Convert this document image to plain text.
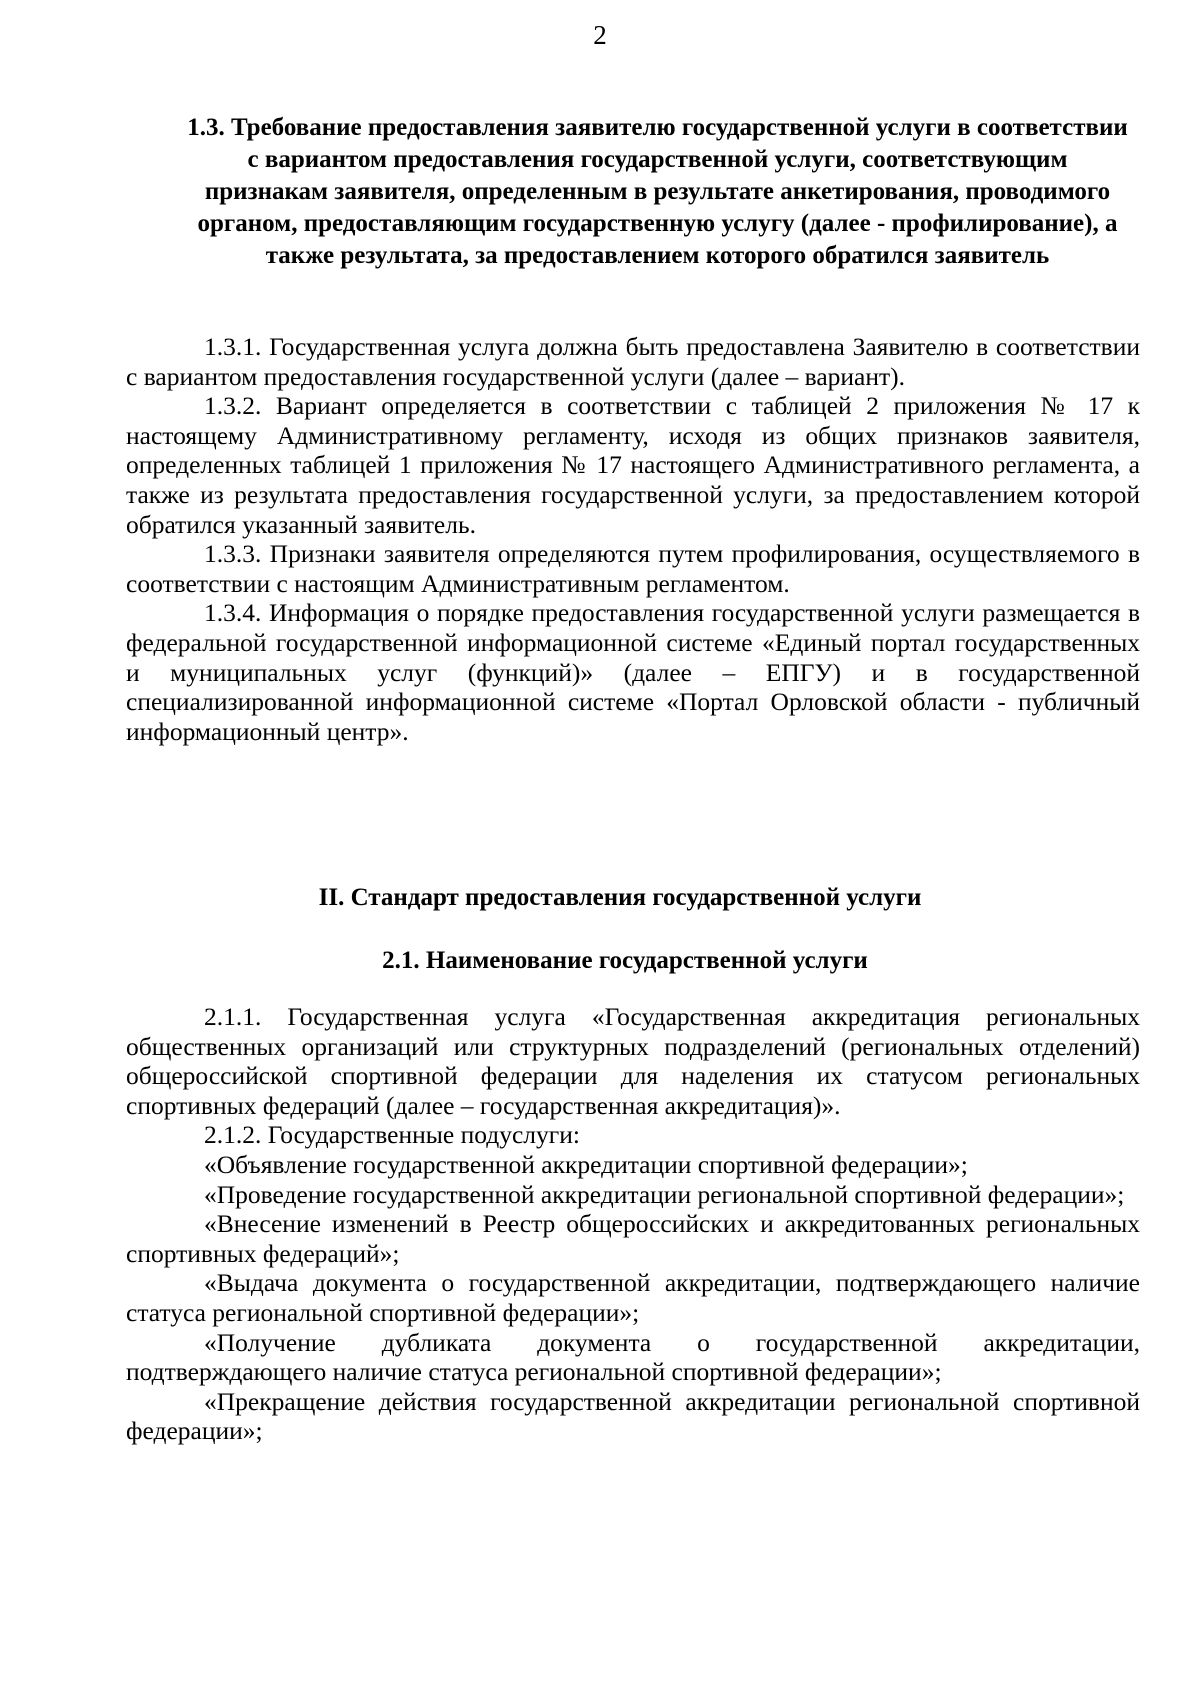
2
1.3. Требование предоставления заявителю государственной услуги в соответствии с вариантом предоставления государственной услуги, соответствующим признакам заявителя, определенным в результате анкетирования, проводимого органом, предоставляющим государственную услугу (далее - профилирование), а также результата, за предоставлением которого обратился заявитель

1.3.1. Государственная услуга должна быть предоставлена Заявителю в соответствии с вариантом предоставления государственной услуги (далее – вариант).

1.3.2. Вариант определяется в соответствии с таблицей 2 приложения № 17 к настоящему Административному регламенту, исходя из общих признаков заявителя, определенных таблицей 1 приложения № 17 настоящего Административного регламента, а также из результата предоставления государственной услуги, за предоставлением которой обратился указанный заявитель.

1.3.3. Признаки заявителя определяются путем профилирования, осуществляемого в соответствии с настоящим Административным регламентом.

1.3.4. Информация о порядке предоставления государственной услуги размещается в федеральной государственной информационной системе «Единый портал государственных и муниципальных услуг (функций)» (далее – ЕПГУ) и в государственной специализированной информационной системе «Портал Орловской области - публичный информационный центр».

II. Стандарт предоставления государственной услуги
2.1. Наименование государственной услуги

2.1.1. Государственная услуга «Государственная аккредитация региональных общественных организаций или структурных подразделений (региональных отделений) общероссийской спортивной федерации для наделения их статусом региональных спортивных федераций (далее – государственная аккредитация)».

2.1.2. Государственные подуслуги:

«Объявление государственной аккредитации спортивной федерации»;

«Проведение государственной аккредитации региональной спортивной федерации»;

«Внесение изменений в Реестр общероссийских и аккредитованных региональных спортивных федераций»;

«Выдача документа о государственной аккредитации, подтверждающего наличие статуса региональной спортивной федерации»;

«Получение дубликата документа о государственной аккредитации, подтверждающего наличие статуса региональной спортивной федерации»;

«Прекращение действия государственной аккредитации региональной спортивной федерации»;
